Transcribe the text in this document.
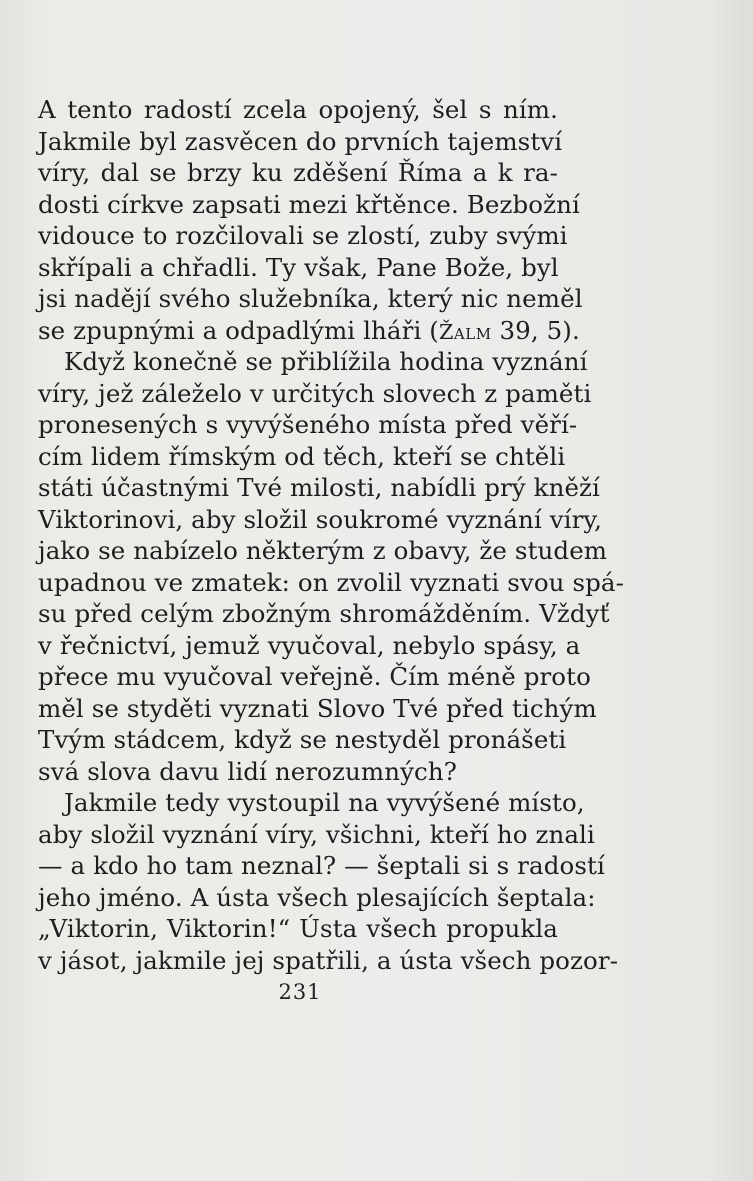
A tento radostí zcela opojený, šel s ním.
Jakmile byl zasvěcen do prvních tajemství
víry, dal se brzy ku zděšení Říma a k ra-
dosti církve zapsati mezi křtěnce. Bezbožní
vidouce to rozčilovali se zlostí, zuby svými
skřípali a chřadli. Ty však, Pane Bože, byl
jsi nadějí svého služebníka, který nic neměl
se zpupnými a odpadlými lháři (Žalm 39, 5).
Když konečně se přiblížila hodina vyznání
víry, jež záleželo v určitých slovech z paměti
pronesených s vyvýšeného místa před věří-
cím lidem římským od těch, kteří se chtěli
státi účastnými Tvé milosti, nabídli prý kněží
Viktorinovi, aby složil soukromé vyznání víry,
jako se nabízelo některým z obavy, že studem
upadnou ve zmatek: on zvolil vyznati svou spá-
su před celým zbožným shromážděním. Vždyť
v řečnictví, jemuž vyučoval, nebylo spásy, a
přece mu vyučoval veřejně. Čím méně proto
měl se styděti vyznati Slovo Tvé před tichým
Tvým stádcem, když se nestyděl pronášeti
svá slova davu lidí nerozumných?
Jakmile tedy vystoupil na vyvýšené místo,
aby složil vyznání víry, všichni, kteří ho znali
— a kdo ho tam neznal? — šeptali si s radostí
jeho jméno. A ústa všech plesajících šeptala:
„Viktorin, Viktorin!“ Ústa všech propukla
v jásot, jakmile jej spatřili, a ústa všech pozor-
231
